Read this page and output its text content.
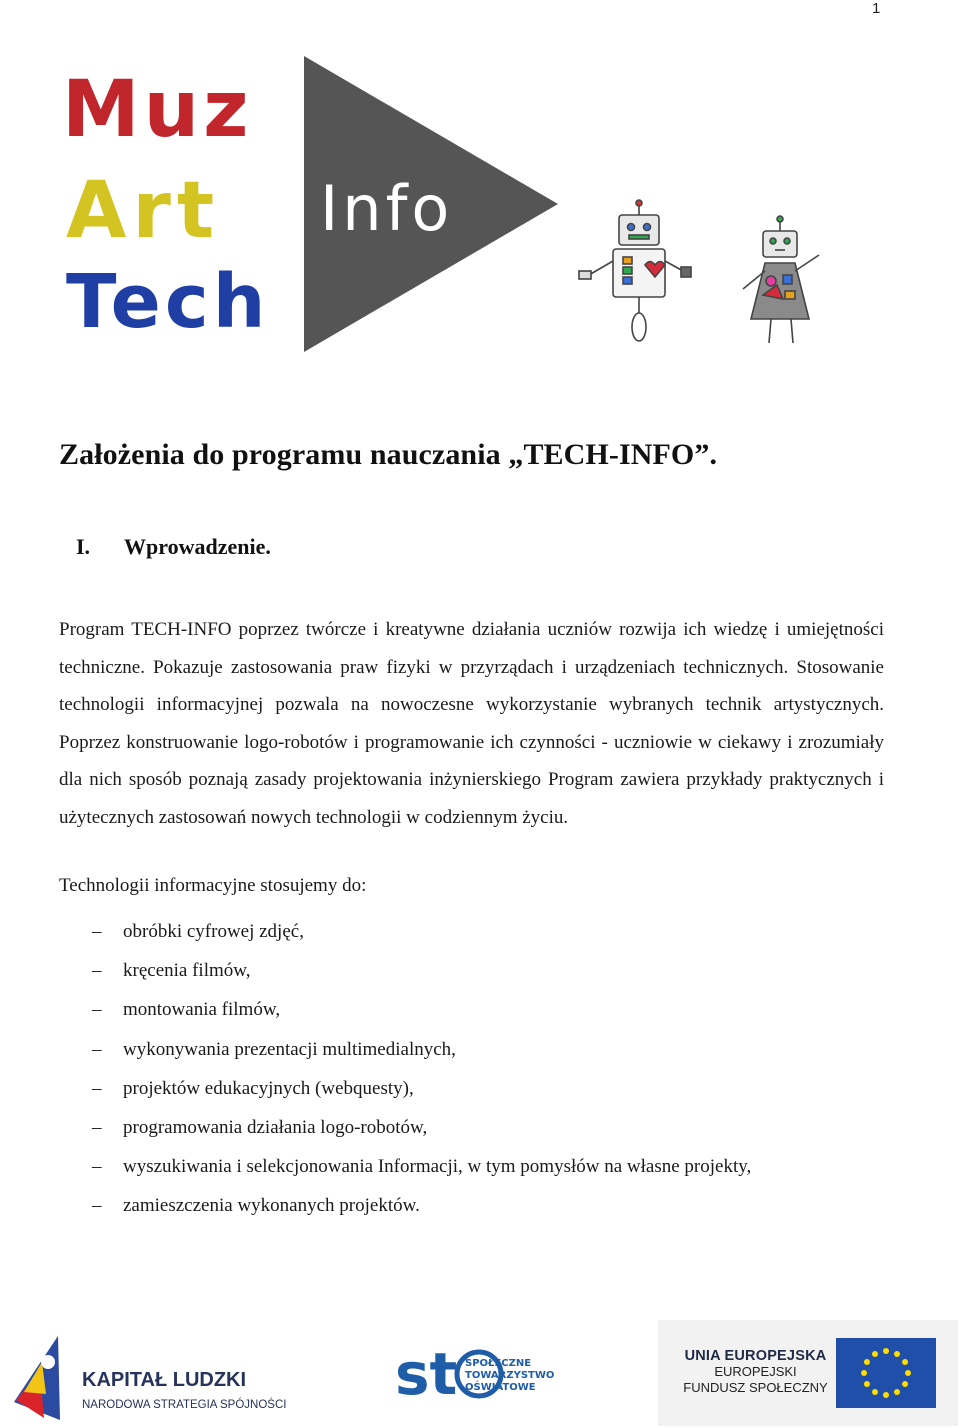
1
Muz
Art
Tech
Info
Założenia do programu nauczania „TECH-INFO”.
I. Wprowadzenie.

Program TECH-INFO poprzez twórcze i kreatywne działania uczniów rozwija ich wiedzę i umiejętności techniczne. Pokazuje zastosowania praw fizyki w przyrządach i urządzeniach technicznych. Stosowanie technologii informacyjnej pozwala na nowoczesne wykorzystanie wybranych technik artystycznych. Poprzez konstruowanie logo-robotów i programowanie ich czynności - uczniowie w ciekawy i zrozumiały dla nich sposób poznają zasady projektowania inżynierskiego Program zawiera przykłady praktycznych i użytecznych zastosowań nowych technologii w codziennym życiu.

Technologii informacyjne stosujemy do:

– obróbki cyfrowej zdjęć,
– kręcenia filmów,
– montowania filmów,
– wykonywania prezentacji multimedialnych,
– projektów edukacyjnych (webquesty),
– programowania działania logo-robotów,
– wyszukiwania i selekcjonowania Informacji, w tym pomysłów na własne projekty,
– zamieszczenia wykonanych projektów.
KAPITAŁ LUDZKI
NARODOWA STRATEGIA SPÓJNOŚCI st SPOŁECZNE
TOWARZYSTWO
OŚWIATOWE
UNIA EUROPEJSKA
EUROPEJSKI
FUNDUSZ SPOŁECZNY
